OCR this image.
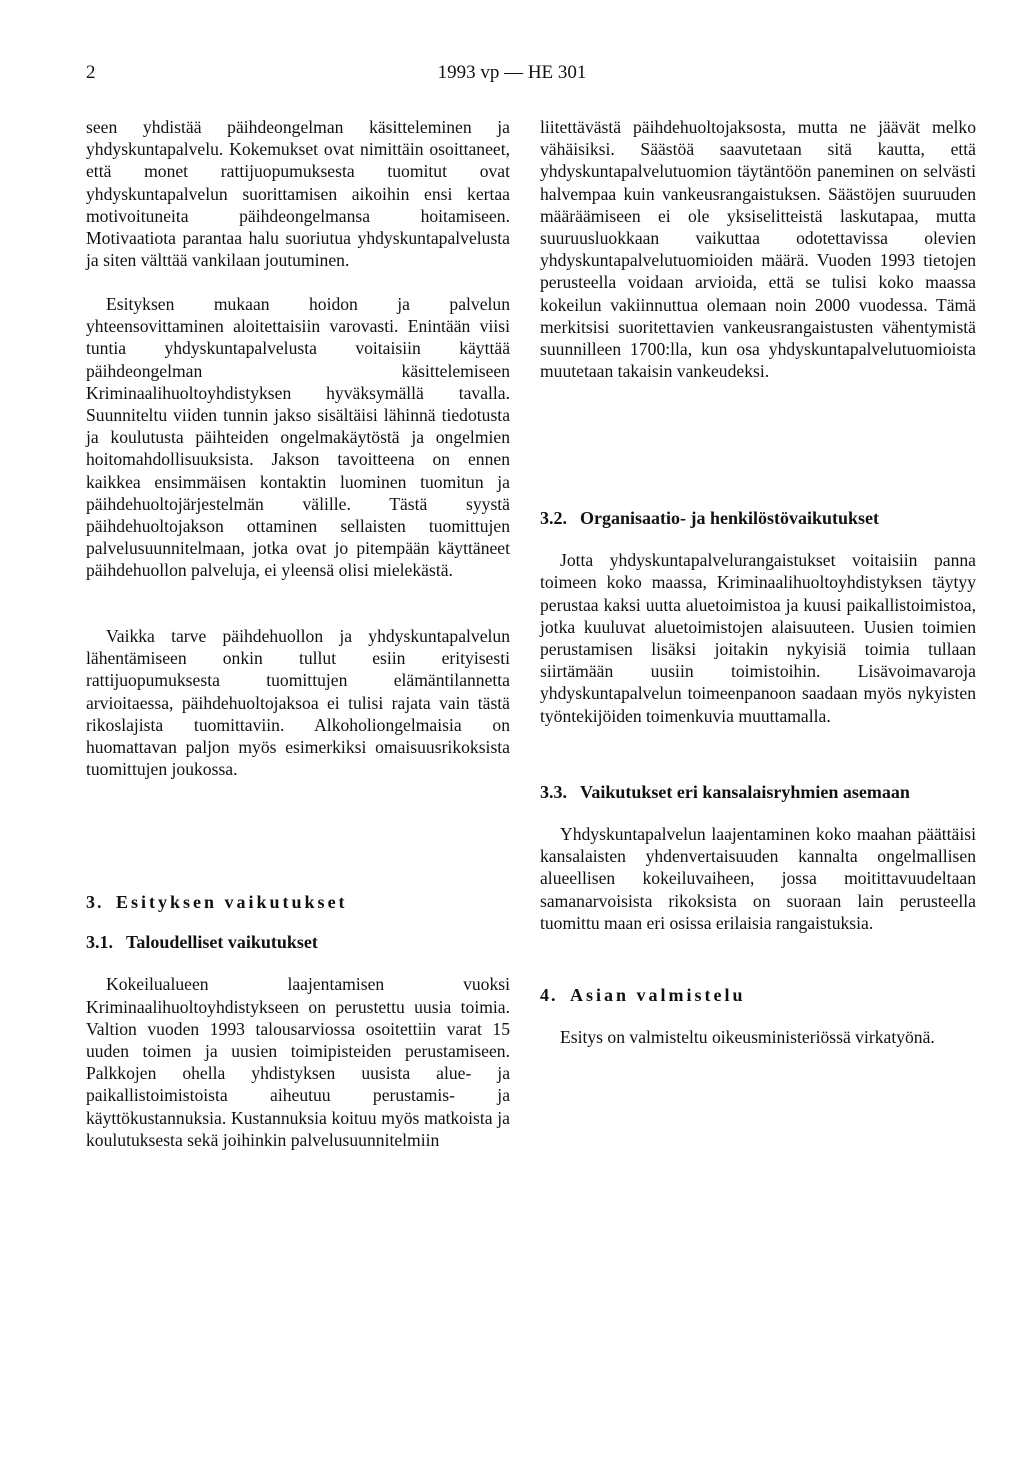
2	1993 vp — HE 301

seen yhdistää päihdeongelman käsitteleminen ja yhdyskuntapalvelu. Kokemukset ovat nimittäin osoittaneet, että monet rattijuopumuksesta tuomitut ovat yhdyskuntapalvelun suorittamisen aikoihin ensi kertaa motivoituneita päihdeongelmansa hoitamiseen. Motivaatiota parantaa halu suoriutua yhdyskuntapalvelusta ja siten välttää vankilaan joutuminen.

Esityksen mukaan hoidon ja palvelun yhteensovittaminen aloitettaisiin varovasti. Enintään viisi tuntia yhdyskuntapalvelusta voitaisiin käyttää päihdeongelman käsittelemiseen Kriminaalihuoltoyhdistyksen hyväksymällä tavalla. Suunniteltu viiden tunnin jakso sisältäisi lähinnä tiedotusta ja koulutusta päihteiden ongelmakäytöstä ja ongelmien hoitomahdollisuuksista. Jakson tavoitteena on ennen kaikkea ensimmäisen kontaktin luominen tuomitun ja päihdehuoltojärjestelmän välille. Tästä syystä päihdehuoltojakson ottaminen sellaisten tuomittujen palvelusuunnitelmaan, jotka ovat jo pitempään käyttäneet päihdehuollon palveluja, ei yleensä olisi mielekästä.

Vaikka tarve päihdehuollon ja yhdyskuntapalvelun lähentämiseen onkin tullut esiin erityisesti rattijuopumuksesta tuomittujen elämäntilannetta arvioitaessa, päihdehuoltojaksoa ei tulisi rajata vain tästä rikoslajista tuomittaviin. Alkoholiongelmaisia on huomattavan paljon myös esimerkiksi omaisuusrikoksista tuomittujen joukossa.

3. Esityksen vaikutukset
3.1. Taloudelliset vaikutukset

Kokeilualueen laajentamisen vuoksi Kriminaalihuoltoyhdistykseen on perustettu uusia toimia. Valtion vuoden 1993 talousarviossa osoitettiin varat 15 uuden toimen ja uusien toimipisteiden perustamiseen. Palkkojen ohella yhdistyksen uusista alue- ja paikallistoimistoista aiheutuu perustamis- ja käyttökustannuksia. Kustannuksia koituu myös matkoista ja koulutuksesta sekä joihinkin palvelusuunnitelmiin

liitettävästä päihdehuoltojaksosta, mutta ne jäävät melko vähäisiksi. Säästöä saavutetaan sitä kautta, että yhdyskuntapalvelutuomion täytäntöön paneminen on selvästi halvempaa kuin vankeusrangaistuksen. Säästöjen suuruuden määräämiseen ei ole yksiselitteistä laskutapaa, mutta suuruusluokkaan vaikuttaa odotettavissa olevien yhdyskuntapalvelutuomioiden määrä. Vuoden 1993 tietojen perusteella voidaan arvioida, että se tulisi koko maassa kokeilun vakiinnuttua olemaan noin 2000 vuodessa. Tämä merkitsisi suoritettavien vankeusrangaistusten vähentymistä suunnilleen 1700:lla, kun osa yhdyskuntapalvelutuomioista muutetaan takaisin vankeudeksi.

3.2. Organisaatio- ja henkilöstövaikutukset

Jotta yhdyskuntapalvelurangaistukset voitaisiin panna toimeen koko maassa, Kriminaalihuoltoyhdistyksen täytyy perustaa kaksi uutta aluetoimistoa ja kuusi paikallistoimistoa, jotka kuuluvat aluetoimistojen alaisuuteen. Uusien toimien perustamisen lisäksi joitakin nykyisiä toimia tullaan siirtämään uusiin toimistoihin. Lisävoimavaroja yhdyskuntapalvelun toimeenpanoon saadaan myös nykyisten työntekijöiden toimenkuvia muuttamalla.

3.3. Vaikutukset eri kansalaisryhmien asemaan

Yhdyskuntapalvelun laajentaminen koko maahan päättäisi kansalaisten yhdenvertaisuuden kannalta ongelmallisen alueellisen kokeiluvaiheen, jossa moitittavuudeltaan samanarvoisista rikoksista on suoraan lain perusteella tuomittu maan eri osissa erilaisia rangaistuksia.

4. Asian valmistelu

Esitys on valmisteltu oikeusministeriössä virkatyönä.
